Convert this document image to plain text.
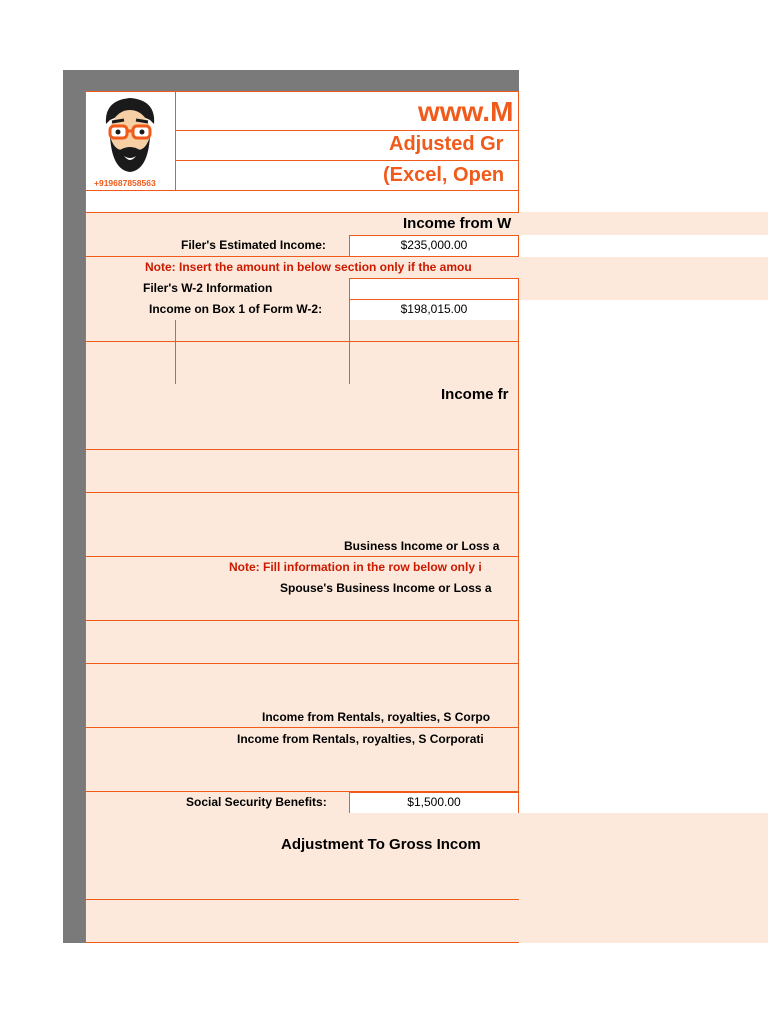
+919687858563
www.M
Adjusted Gr
(Excel, Open
Income from W
Filer's Estimated Income:	$235,000.00
Note: Insert the amount in below section only if the amou
Filer's W-2 Information
Income on Box 1 of Form W-2:	$198,015.00
Income fr
Business Income or Loss a
Note: Fill information in the row below only i
Spouse's Business Income or Loss a
Income from Rentals, royalties, S Corpo
Income from Rentals, royalties, S Corporati
Social Security Benefits:	$1,500.00
Adjustment To Gross Incom
